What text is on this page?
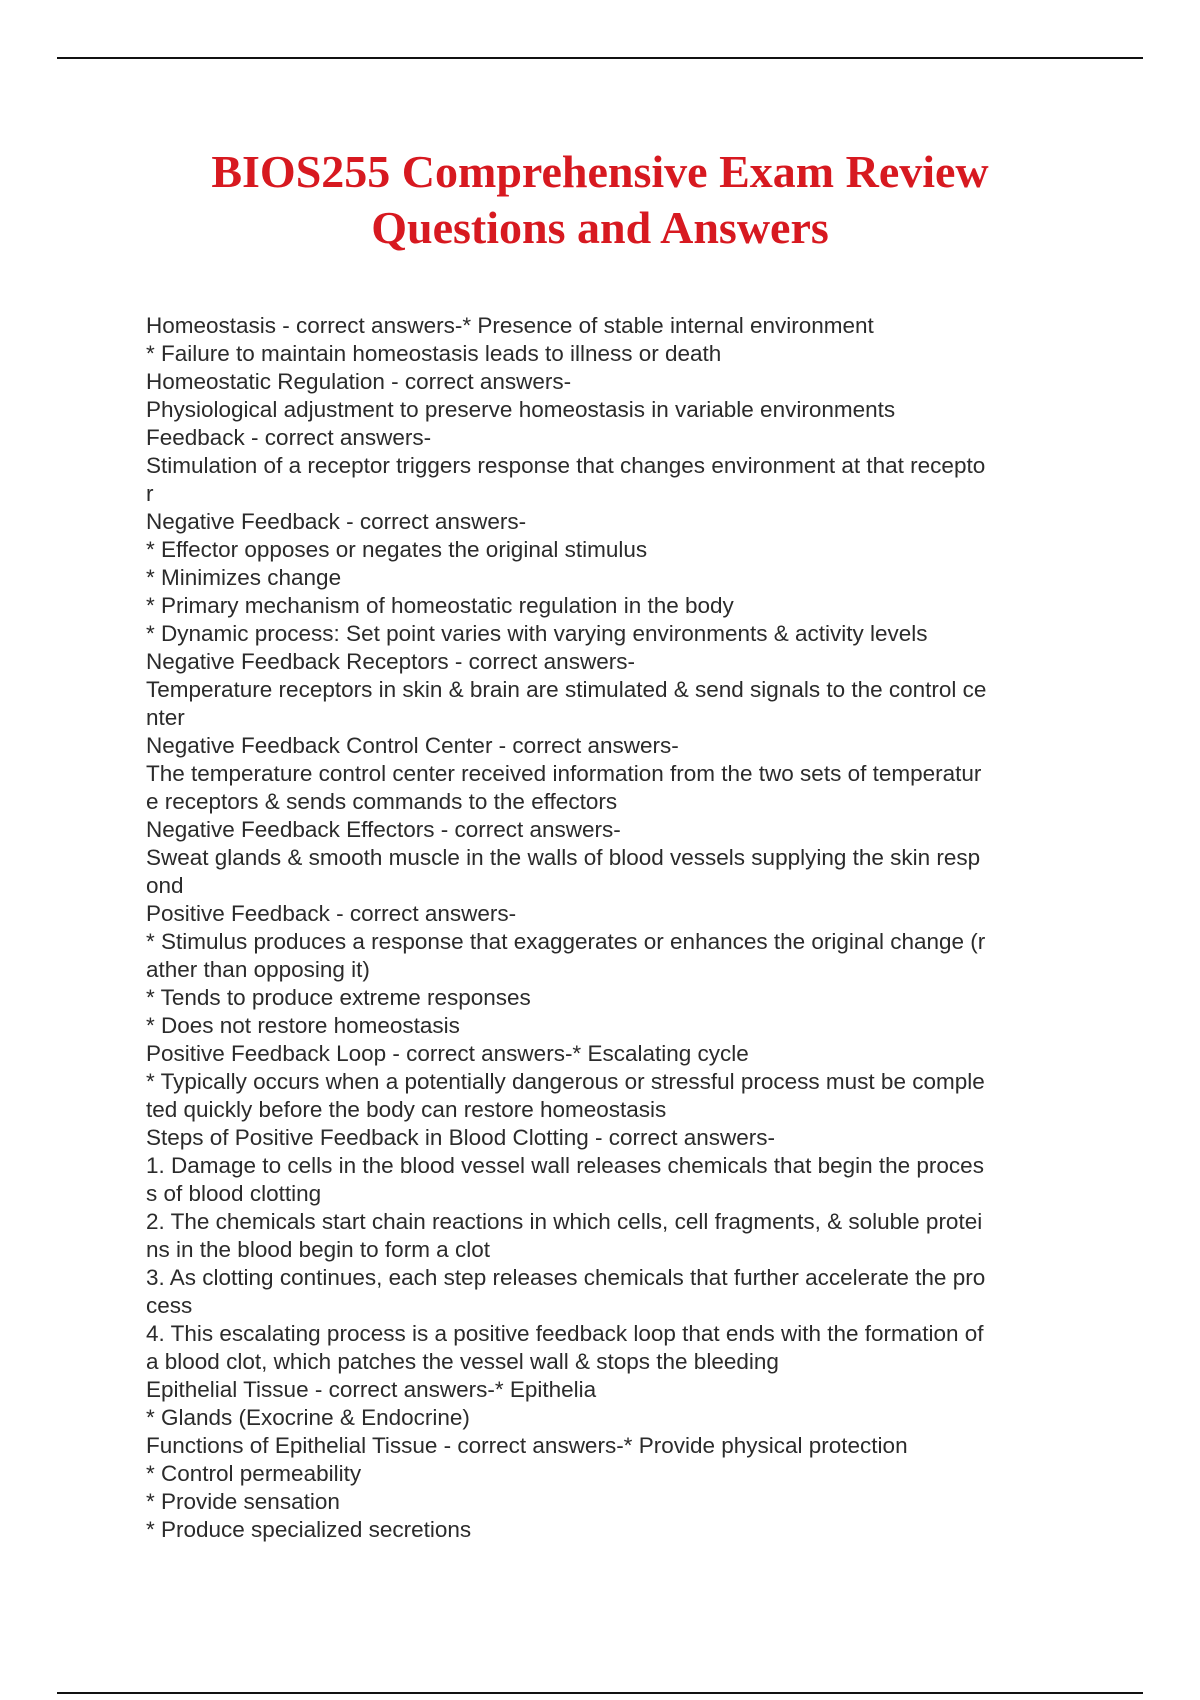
BIOS255 Comprehensive Exam Review
Questions and Answers
Homeostasis - correct answers-* Presence of stable internal environment
* Failure to maintain homeostasis leads to illness or death
Homeostatic Regulation - correct answers-
Physiological adjustment to preserve homeostasis in variable environments
Feedback - correct answers-
Stimulation of a receptor triggers response that changes environment at that recepto
r
Negative Feedback - correct answers-
* Effector opposes or negates the original stimulus
* Minimizes change
* Primary mechanism of homeostatic regulation in the body
* Dynamic process: Set point varies with varying environments & activity levels
Negative Feedback Receptors - correct answers-
Temperature receptors in skin & brain are stimulated & send signals to the control ce
nter
Negative Feedback Control Center - correct answers-
The temperature control center received information from the two sets of temperatur
e receptors & sends commands to the effectors
Negative Feedback Effectors - correct answers-
Sweat glands & smooth muscle in the walls of blood vessels supplying the skin resp
ond
Positive Feedback - correct answers-
* Stimulus produces a response that exaggerates or enhances the original change (r
ather than opposing it)
* Tends to produce extreme responses
* Does not restore homeostasis
Positive Feedback Loop - correct answers-* Escalating cycle
* Typically occurs when a potentially dangerous or stressful process must be comple
ted quickly before the body can restore homeostasis
Steps of Positive Feedback in Blood Clotting - correct answers-
1. Damage to cells in the blood vessel wall releases chemicals that begin the proces
s of blood clotting
2. The chemicals start chain reactions in which cells, cell fragments, & soluble protei
ns in the blood begin to form a clot
3. As clotting continues, each step releases chemicals that further accelerate the pro
cess
4. This escalating process is a positive feedback loop that ends with the formation of
a blood clot, which patches the vessel wall & stops the bleeding
Epithelial Tissue - correct answers-* Epithelia
* Glands (Exocrine & Endocrine)
Functions of Epithelial Tissue - correct answers-* Provide physical protection
* Control permeability
* Provide sensation
* Produce specialized secretions
